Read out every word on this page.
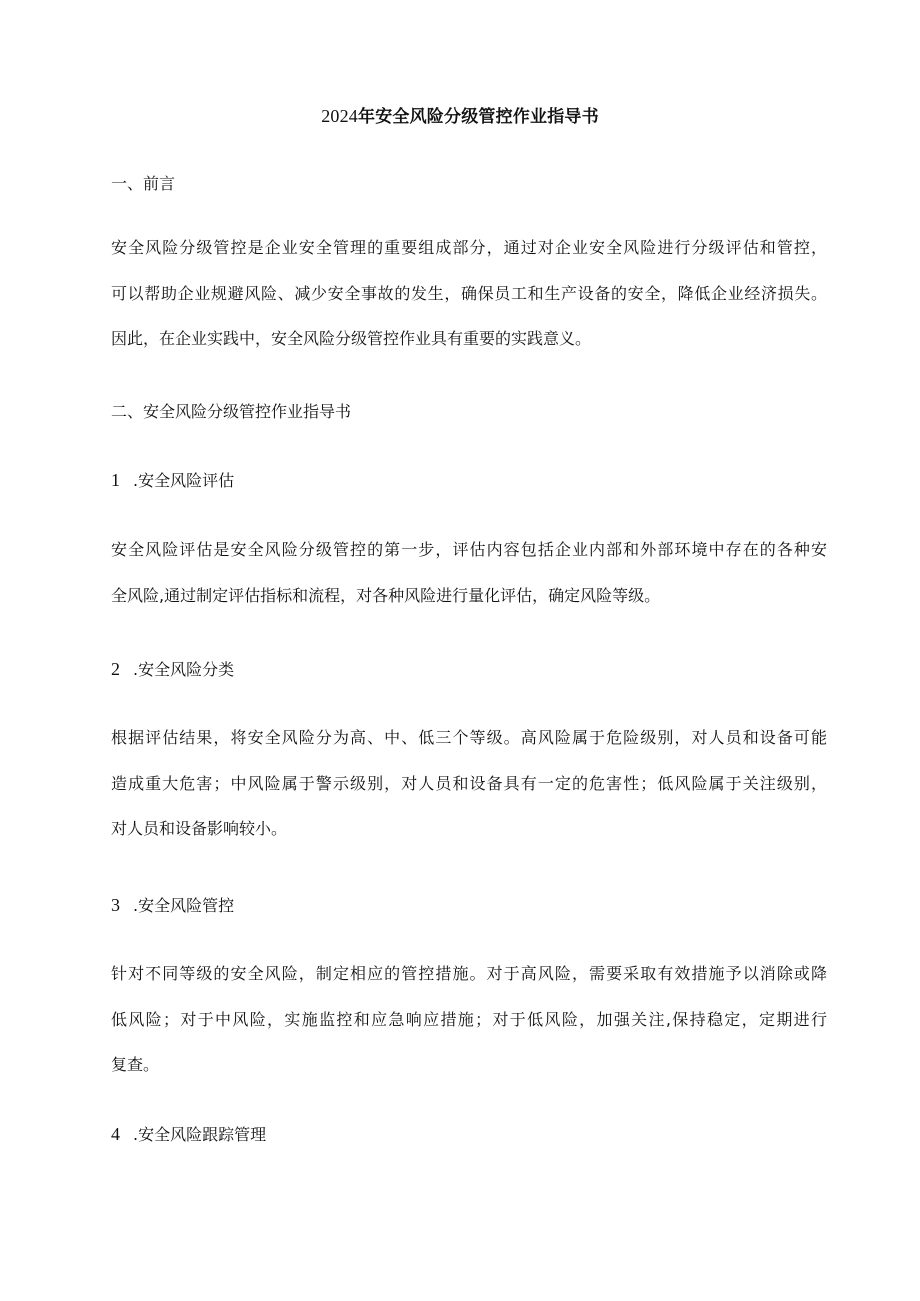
2024年安全风险分级管控作业指导书
一、前言
安全风险分级管控是企业安全管理的重要组成部分，通过对企业安全风险进行分级评估和管控，
可以帮助企业规避风险、减少安全事故的发生，确保员工和生产设备的安全，降低企业经济损失。
因此，在企业实践中，安全风险分级管控作业具有重要的实践意义。
二、安全风险分级管控作业指导书
1 .安全风险评估
安全风险评估是安全风险分级管控的第一步，评估内容包括企业内部和外部环境中存在的各种安
全风险,通过制定评估指标和流程，对各种风险进行量化评估，确定风险等级。
2 .安全风险分类
根据评估结果，将安全风险分为高、中、低三个等级。高风险属于危险级别，对人员和设备可能
造成重大危害；中风险属于警示级别，对人员和设备具有一定的危害性；低风险属于关注级别，
对人员和设备影响较小。
3 .安全风险管控
针对不同等级的安全风险，制定相应的管控措施。对于高风险，需要采取有效措施予以消除或降
低风险；对于中风险，实施监控和应急响应措施；对于低风险，加强关注,保持稳定，定期进行
复查。
4 .安全风险跟踪管理
